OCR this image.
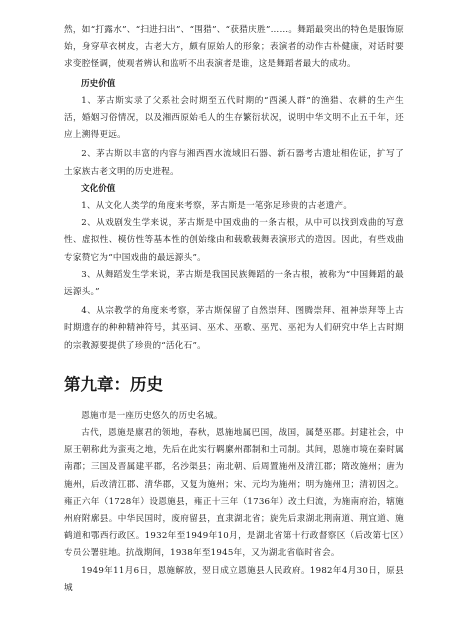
然，如“打露水”、“扫进扫出”、“围猎”、“获猎庆胜”……。舞蹈最突出的特色是服饰原始，身穿草衣树皮，古老大方，颇有原始人的形象；表演者的动作古朴健康，对话时要求变腔怪调，使观者辨认和监听不出表演者是谁，这是舞蹈者最大的成功。

历史价值

1、茅古斯实录了父系社会时期至五代时期的“酉溪人群”的渔猎、农耕的生产生活，婚姻习俗情况，以及湘西原始毛人的生存繁衍状况，说明中华文明不止五千年，还应上溯得更远。

2、茅古斯以丰富的内容与湘西酉水流域旧石器、新石器考古遗址相佐证，扩写了土家族古老文明的历史进程。

文化价值

1、从文化人类学的角度来考察，茅古斯是一笔弥足珍贵的古老遗产。

2、从戏剧发生学来说，茅古斯是中国戏曲的一条古根，从中可以找到戏曲的写意性、虚拟性、模仿性等基本性的创始缘由和载歌载舞表演形式的造因。因此，有些戏曲专家赞它为“中国戏曲的最远源头”。

3、从舞蹈发生学来说，茅古斯是我国民族舞蹈的一条古根，被称为“中国舞蹈的最远源头。”

4、从宗教学的角度来考察，茅古斯保留了自然崇拜、图腾崇拜、祖神崇拜等上古时期遗存的种种精神符号，其巫词、巫术、巫歌、巫咒、巫祀为人们研究中华上古时期的宗教源要提供了珍贵的“活化石”。

第九章：历史

恩施市是一座历史悠久的历史名城。

古代，恩施是廪君的领地，春秋，恩施地属巴国，战国，属楚巫郡。封建社会，中原王朝称此为蛮夷之地，先后在此实行羁縻州郡制和土司制。其间，恩施市境在秦时属南郡；三国及晋属建平郡，名沙渠县；南北朝、后周置施州及清江郡；隋改施州；唐为施州，后改清江郡、清华郡，又复为施州；宋、元均为施州；明为施州卫；清初因之。雍正六年（1728年）设恩施县，雍正十三年（1736年）改土归流，为施南府治，辖施州府附廓县。中华民国时，废府留县，直隶湖北省；旋先后隶湖北荆南道、荆宜道、施鹤道和鄂西行政区。1932年至1949年10月，是湖北省第十行政督察区（后改第七区）专员公署驻地。抗战期间，1938年至1945年，又为湖北省临时省会。

1949年11月6日，恩施解放，翌日成立恩施县人民政府。1982年4月30日，原县城
